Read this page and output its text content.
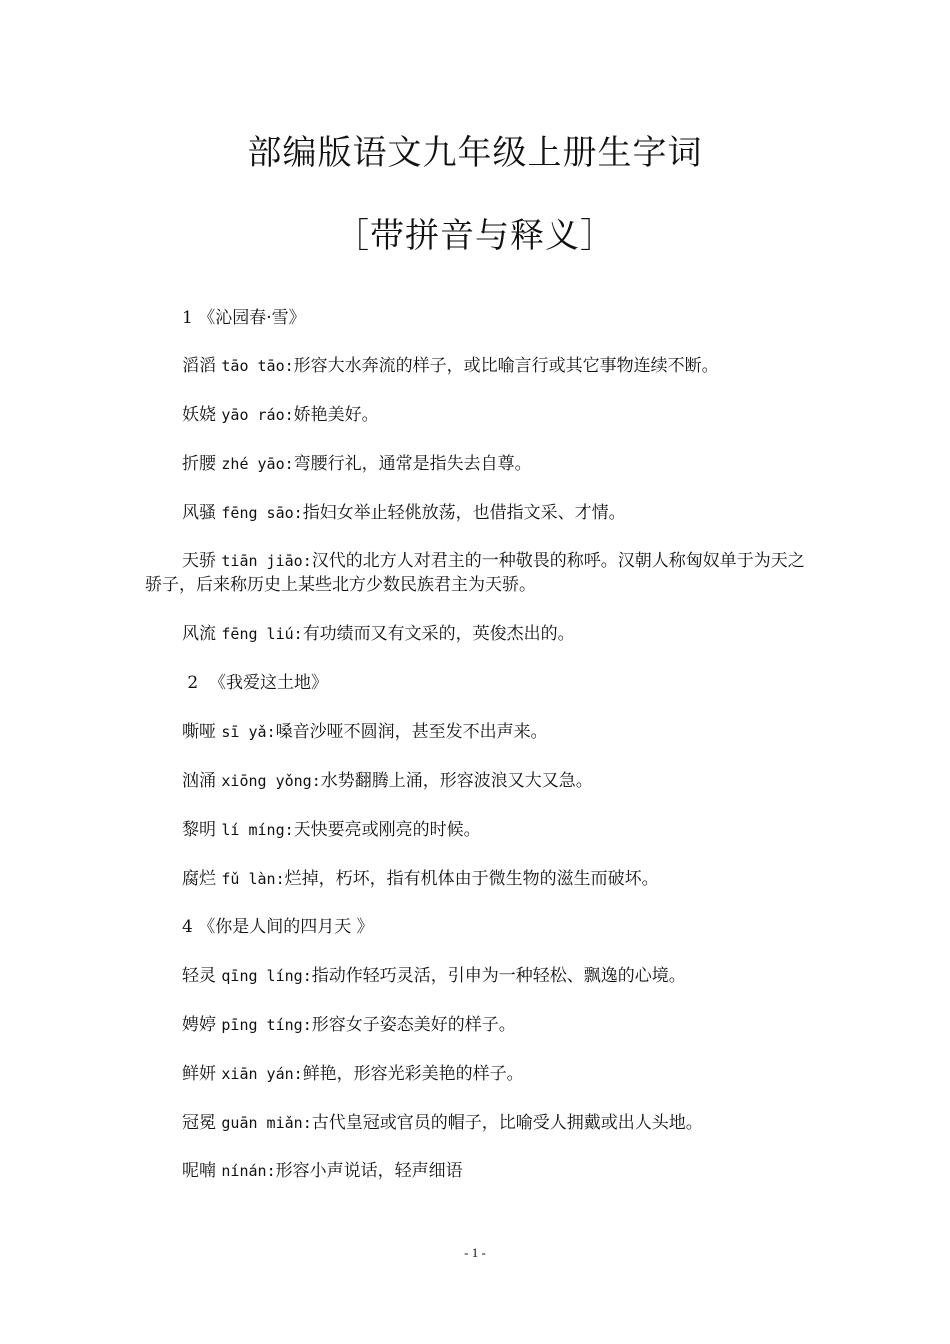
部编版语文九年级上册生字词
［带拼音与释义］
1 《沁园春·雪》
滔滔 tāo tāo:形容大水奔流的样子，或比喻言行或其它事物连续不断。
妖娆 yāo ráo:娇艳美好。
折腰 zhé yāo:弯腰行礼，通常是指失去自尊。
风骚 fēng sāo:指妇女举止轻佻放荡，也借指文采、才情。
天骄 tiān jiāo:汉代的北方人对君主的一种敬畏的称呼。汉朝人称匈奴单于为天之骄子，后来称历史上某些北方少数民族君主为天骄。
风流 fēng liú:有功绩而又有文采的，英俊杰出的。
2  《我爱这土地》
嘶哑 sī yǎ:嗓音沙哑不圆润，甚至发不出声来。
汹涌 xiōng yǒng:水势翻腾上涌，形容波浪又大又急。
黎明 lí míng:天快要亮或刚亮的时候。
腐烂 fǔ làn:烂掉，朽坏，指有机体由于微生物的滋生而破坏。
4 《你是人间的四月天 》
轻灵 qīng líng:指动作轻巧灵活，引申为一种轻松、飘逸的心境。
娉婷 pīng tíng:形容女子姿态美好的样子。
鲜妍 xiān yán:鲜艳，形容光彩美艳的样子。
冠冕 guān miǎn:古代皇冠或官员的帽子，比喻受人拥戴或出人头地。
呢喃 nínán:形容小声说话，轻声细语
- 1 -
